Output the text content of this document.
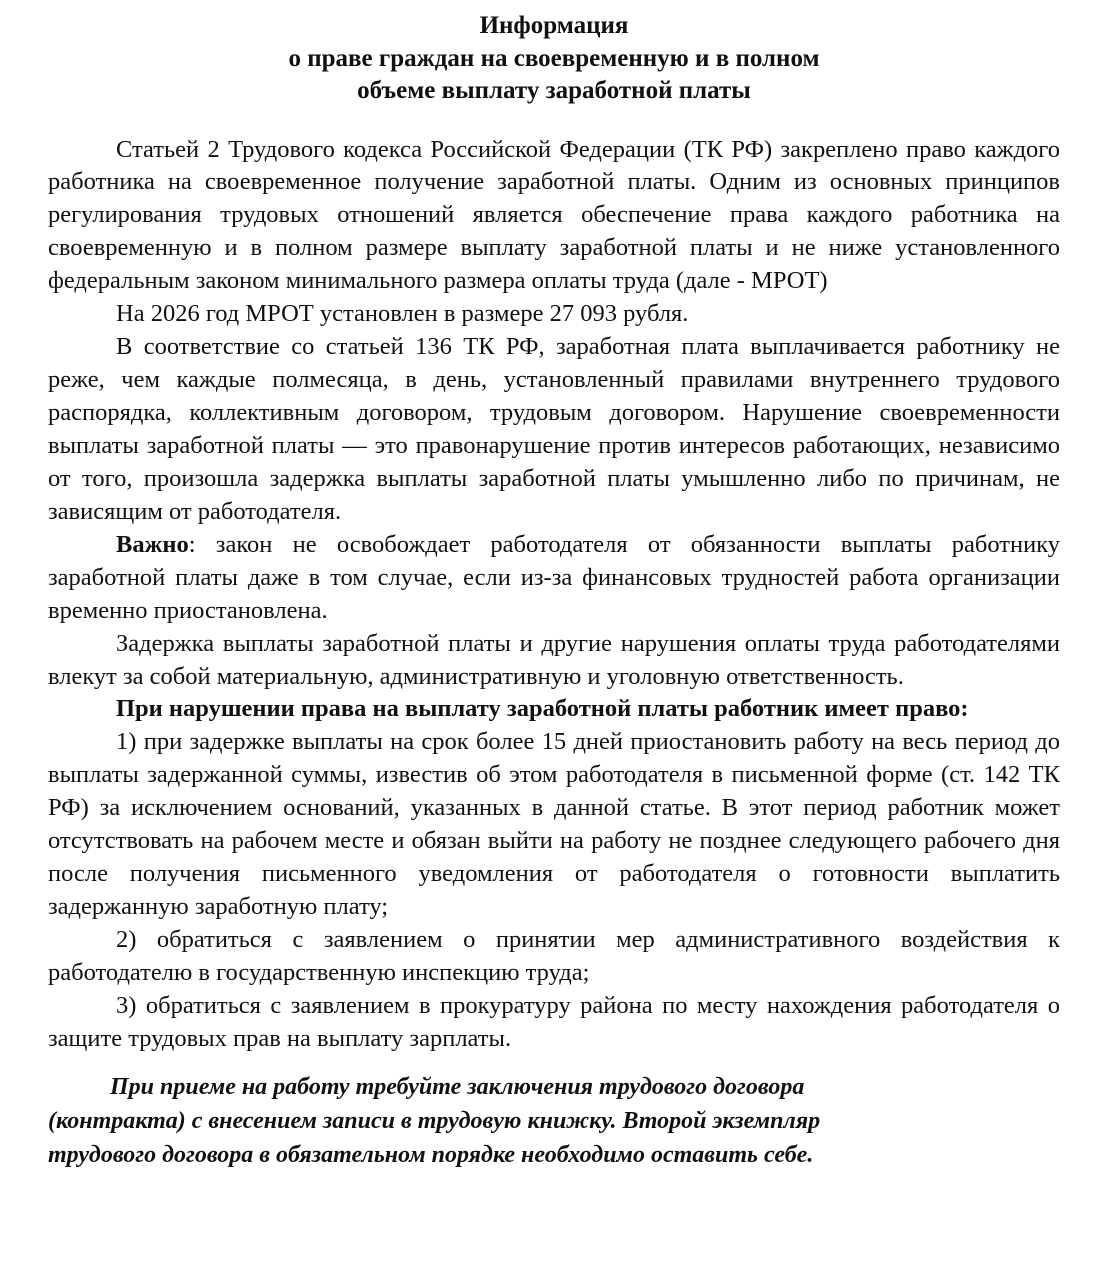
Информация
о праве граждан на своевременную и в полном
объеме выплату заработной платы

Статьей 2 Трудового кодекса Российской Федерации (ТК РФ) закреплено право каждого работника на своевременное получение заработной платы. Одним из основных принципов регулирования трудовых отношений является обеспечение права каждого работника на своевременную и в полном размере выплату заработной платы и не ниже установленного федеральным законом минимального размера оплаты труда (дале - МРОТ)

На 2026 год МРОТ установлен в размере 27 093 рубля.

В соответствие со статьей 136 ТК РФ, заработная плата выплачивается работнику не реже, чем каждые полмесяца, в день, установленный правилами внутреннего трудового распорядка, коллективным договором, трудовым договором. Нарушение своевременности выплаты заработной платы — это правонарушение против интересов работающих, независимо от того, произошла задержка выплаты заработной платы умышленно либо по причинам, не зависящим от работодателя.

Важно: закон не освобождает работодателя от обязанности выплаты работнику заработной платы даже в том случае, если из-за финансовых трудностей работа организации временно приостановлена.

Задержка выплаты заработной платы и другие нарушения оплаты труда работодателями влекут за собой материальную, административную и уголовную ответственность.

При нарушении права на выплату заработной платы работник имеет право:

1) при задержке выплаты на срок более 15 дней приостановить работу на весь период до выплаты задержанной суммы, известив об этом работодателя в письменной форме (ст. 142 ТК РФ) за исключением оснований, указанных в данной статье. В этот период работник может отсутствовать на рабочем месте и обязан выйти на работу не позднее следующего рабочего дня после получения письменного уведомления от работодателя о готовности выплатить задержанную заработную плату;

2) обратиться с заявлением о принятии мер административного воздействия к работодателю в государственную инспекцию труда;

3) обратиться с заявлением в прокуратуру района по месту нахождения работодателя о защите трудовых прав на выплату зарплаты.

При приеме на работу требуйте заключения трудового договора

(контракта) с внесением записи в трудовую книжку. Второй экземпляр

трудового договора в обязательном порядке необходимо оставить себе.
